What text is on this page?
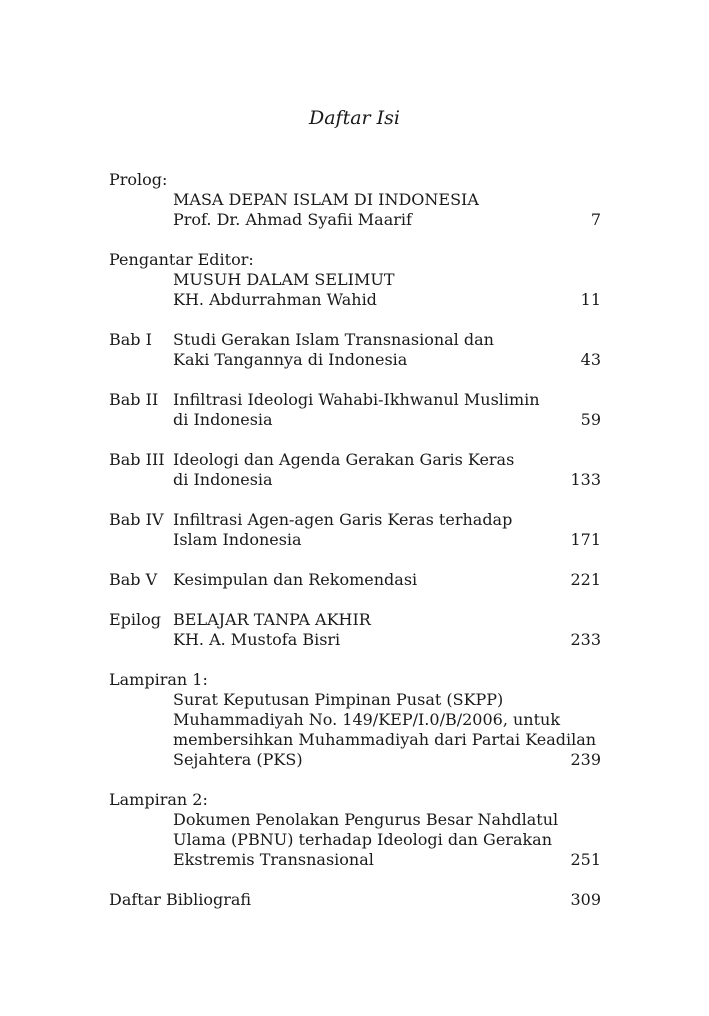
Daftar Isi
Prolog:
MASA DEPAN ISLAM DI INDONESIA
Prof. Dr. Ahmad Syafii Maarif	7
Pengantar Editor:
MUSUH DALAM SELIMUT
KH. Abdurrahman Wahid	11
Bab I Studi Gerakan Islam Transnasional dan
Kaki Tangannya di Indonesia	43
Bab II Infiltrasi Ideologi Wahabi-Ikhwanul Muslimin
di Indonesia	59
Bab III Ideologi dan Agenda Gerakan Garis Keras
di Indonesia	133
Bab IV Infiltrasi Agen-agen Garis Keras terhadap
Islam Indonesia	171
Bab V Kesimpulan dan Rekomendasi	221
Epilog BELAJAR TANPA AKHIR
KH. A. Mustofa Bisri	233
Lampiran 1:
Surat Keputusan Pimpinan Pusat (SKPP)
Muhammadiyah No. 149/KEP/I.0/B/2006, untuk
membersihkan Muhammadiyah dari Partai Keadilan
Sejahtera (PKS)	239
Lampiran 2:
Dokumen Penolakan Pengurus Besar Nahdlatul
Ulama (PBNU) terhadap Ideologi dan Gerakan
Ekstremis Transnasional	251
Daftar Bibliografi	309
